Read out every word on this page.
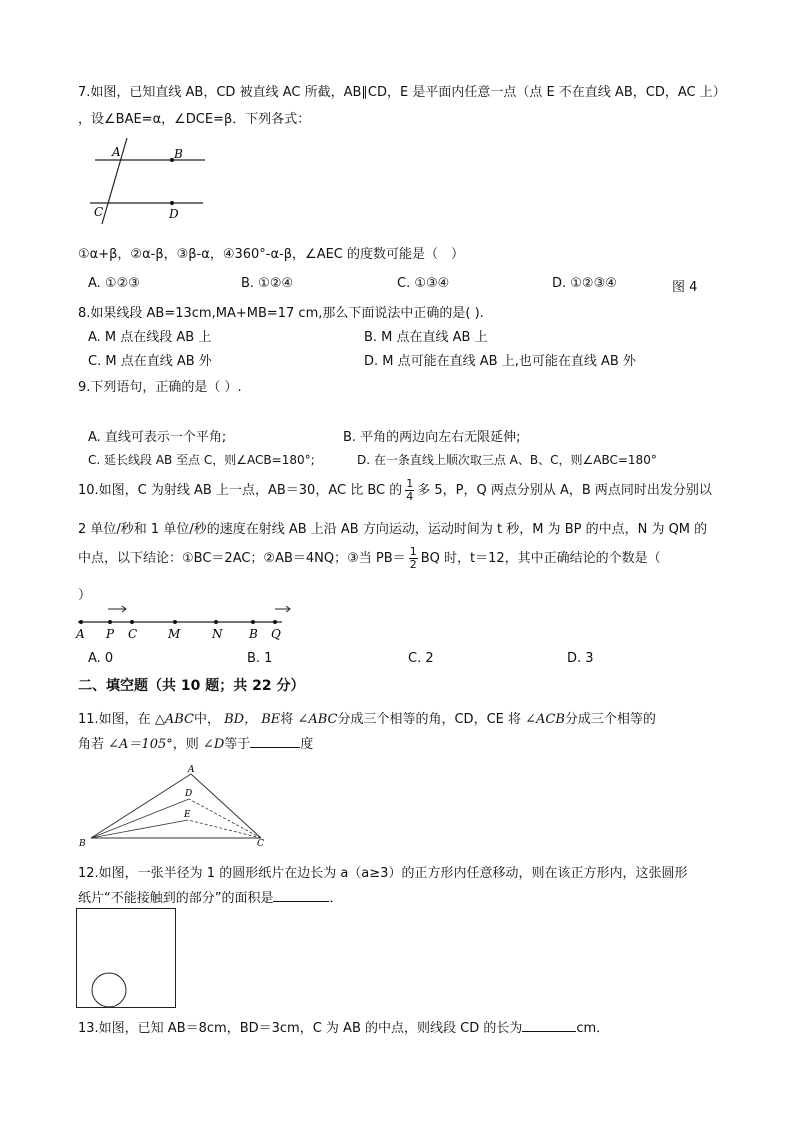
7.如图，已知直线 AB，CD 被直线 AC 所截，AB∥CD，E 是平面内任意一点（点 E 不在直线 AB，CD，AC 上）
，设∠BAE=α，∠DCE=β．下列各式：
A	B
C	D
①α+β，②α-β，③β-α，④360°-α-β，∠AEC 的度数可能是（　）
A. ①②③	B. ①②④	C. ①③④	D. ①②③④	图 4
8.如果线段 AB=13cm,MA+MB=17 cm,那么下面说法中正确的是( ).
A. M 点在线段 AB 上	B. M 点在直线 AB 上
C. M 点在直线 AB 外	D. M 点可能在直线 AB 上,也可能在直线 AB 外
9.下列语句，正确的是（ ）.
A. 直线可表示一个平角;	B. 平角的两边向左右无限延伸;
C. 延长线段 AB 至点 C，则∠ACB=180°;	D. 在一条直线上顺次取三点 A、B、C，则∠ABC=180°
10.如图，C 为射线 AB 上一点，AB＝30，AC 比 BC 的 $\frac{1}{4}$ 多 5，P，Q 两点分别从 A，B 两点同时出发分别以
2 单位/秒和 1 单位/秒的速度在射线 AB 上沿 AB 方向运动，运动时间为 t 秒，M 为 BP 的中点，N 为 QM 的
中点，以下结论：①BC＝2AC；②AB＝4NQ；③当 $PB= \frac{1}{2}$ BQ 时，t＝12，其中正确结论的个数是（
）
A P C	M	N B Q
A. 0	B. 1	C. 2	D. 3
二、填空题（共 10 题；共 22 分）
11.如图，在 △ABC中， BD， BE将 ∠ABC分成三个相等的角，CD，CE 将 ∠ACB分成三个相等的
角若 ∠A＝105°，则 ∠D等于	度
A
D
E
B	C
12.如图，一张半径为 1 的圆形纸片在边长为 a（a≥3）的正方形内任意移动，则在该正方形内，这张圆形
纸片“不能接触到的部分”的面积是	．
13.如图，已知 AB＝8cm，BD＝3cm，C 为 AB 的中点，则线段 CD 的长为	cm．
